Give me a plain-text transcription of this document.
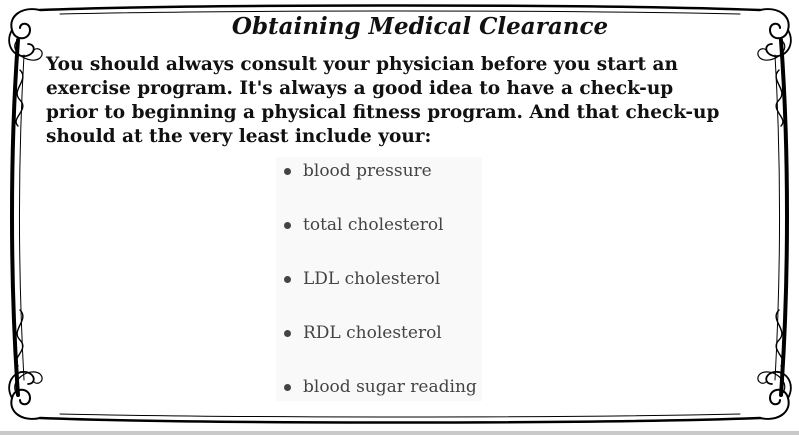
Obtaining Medical Clearance

You should always consult your physician before you start an exercise program. It's always a good idea to have a check-up prior to beginning a physical fitness program. And that check-up should at the very least include your:

blood pressure
total cholesterol
LDL cholesterol
RDL cholesterol
blood sugar reading
